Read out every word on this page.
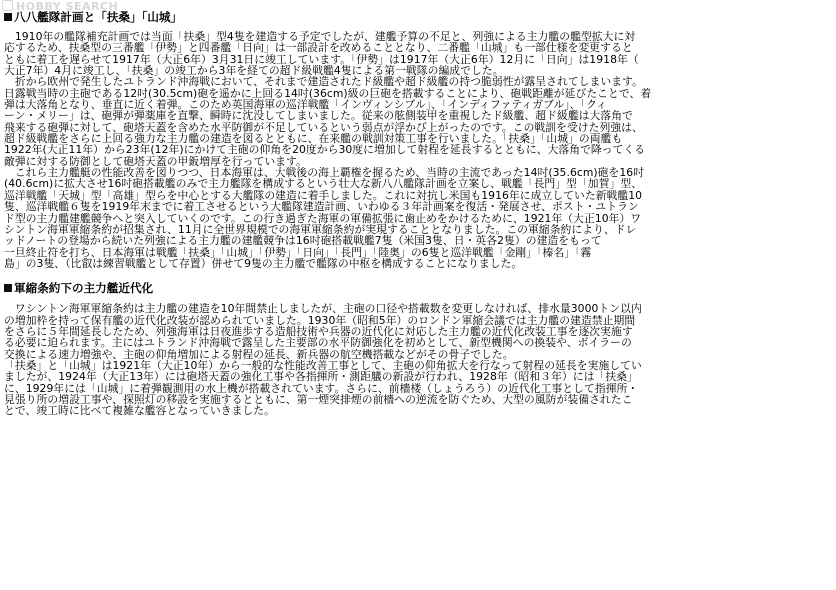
HOBBY SEARCH
八八艦隊計画と「扶桑」「山城」
　1910年の艦隊補充計画では当面「扶桑」型4隻を建造する予定でしたが、建艦予算の不足と、列強による主力艦の艦型拡大に対
応するため、扶桑型の三番艦「伊勢」と四番艦「日向」は一部設計を改めることとなり、二番艦「山城」も一部仕様を変更すると
ともに着工を遅らせて1917年（大正6年）3月31日に竣工しています。「伊勢」は1917年（大正6年）12月に「日向」は1918年（
大正7年）4月に竣工し、「扶桑」の竣工から3年を経ての超ド級戦艦4隻による第一戦隊の編成でした。
　折から欧州で発生したユトランド沖海戦において、それまで建造されたド級艦や超ド級艦の持つ脆弱性が露呈されてしまいます。
日露戦当時の主砲である12吋(30.5cm)砲を遥かに上回る14吋(36cm)級の巨砲を搭載することにより、砲戦距離が延びたことで、着
弾は大落角となり、垂直に近く着弾。このため英国海軍の巡洋戦艦「インヴィンシブル」、「インディファティガブル」、「クィ
ーン・メリー」は、砲弾が弾薬庫を直撃、瞬時に沈没してしまいました。従来の舷側装甲を重視したド級艦、超ド級艦は大落角で
飛来する砲弾に対して、砲塔天蓋を含めた水平防御が不足しているという弱点が浮かび上がったのです。この戦訓を受けた列強は、
超ド級戦艦をさらに上回る強力な主力艦の建造を図るとともに、在来艦の戦訓対策工事を行いました。「扶桑」「山城」の両艦も
1922年(大正11年）から23年(12年)にかけて主砲の仰角を20度から30度に増加して射程を延長するとともに、大落角で降ってくる
敵弾に対する防御として砲塔天蓋の甲鈑増厚を行っています。
　これら主力艦艇の性能改善を図りつつ、日本海軍は、大戦後の海上覇権を握るため、当時の主流であった14吋(35.6cm)砲を16吋
(40.6cm)に拡大させ16吋砲搭載艦のみで主力艦隊を構成するという壮大な新八八艦隊計画を立案し、戦艦「長門」型「加賀」型、
巡洋戦艦「天城」型「高雄」型らを中心とする大艦隊の建造に着手しました。これに対抗し米国も1916年に成立していた新戦艦10
隻、巡洋戦艦６隻を1919年末までに着工させるという大艦隊建造計画、いわゆる３年計画案を復活・発展させ、ポスト・ユトラン
ド型の主力艦建艦競争へと突入していくのです。この行き過ぎた海軍の軍備拡張に歯止めをかけるために、1921年（大正10年）ワ
シントン海軍軍縮条約が招集され、11月に全世界規模での海軍軍縮条約が実現することとなりました。この軍縮条約により、ドレ
ッドノートの登場から続いた列強による主力艦の建艦競争は16吋砲搭載戦艦7隻（米国3隻、日・英各2隻）の建造をもって
一旦終止符を打ち、日本海軍は戦艦「扶桑」「山城」「伊勢」「日向」「長門」「陸奥」の6隻と巡洋戦艦「金剛」「榛名」「霧
島」の3隻、（比叡は練習戦艦として存置）併せて9隻の主力艦で艦隊の中枢を構成することになりました。
軍縮条約下の主力艦近代化
　ワシントン海軍軍縮条約は主力艦の建造を10年間禁止しましたが、主砲の口径や搭載数を変更しなければ、排水量3000トン以内
の増加枠を持って保有艦の近代化改装が認められていました。1930年（昭和5年）のロンドン軍縮会議では主力艦の建造禁止期間
をさらに５年間延長したため、列強海軍は日夜進歩する造船技術や兵器の近代化に対応した主力艦の近代化改装工事を逐次実施す
る必要に迫られます。主にはユトランド沖海戦で露呈した主要部の水平防御強化を初めとして、新型機関への換装や、ボイラーの
交換による速力増強や、主砲の仰角増加による射程の延長、新兵器の航空機搭載などがその骨子でした。
「扶桑」と「山城」は1921年（大正10年）から一般的な性能改善工事として、主砲の仰角拡大を行なって射程の延長を実施してい
ましたが、1924年（大正13年）には砲塔天蓋の強化工事や各指揮所・測距艤の新設が行われ、1928年（昭和３年）には「扶桑」
に、1929年には「山城」に着弾観測用の水上機が搭載されています。さらに、前檣楼（しょうろう）の近代化工事として指揮所・
見張り所の増設工事や、探照灯の移設を実施するとともに、第一煙突排煙の前檣への逆流を防ぐため、大型の風防が装備されたこ
とで、竣工時に比べて複雑な艦容となっていきました。
